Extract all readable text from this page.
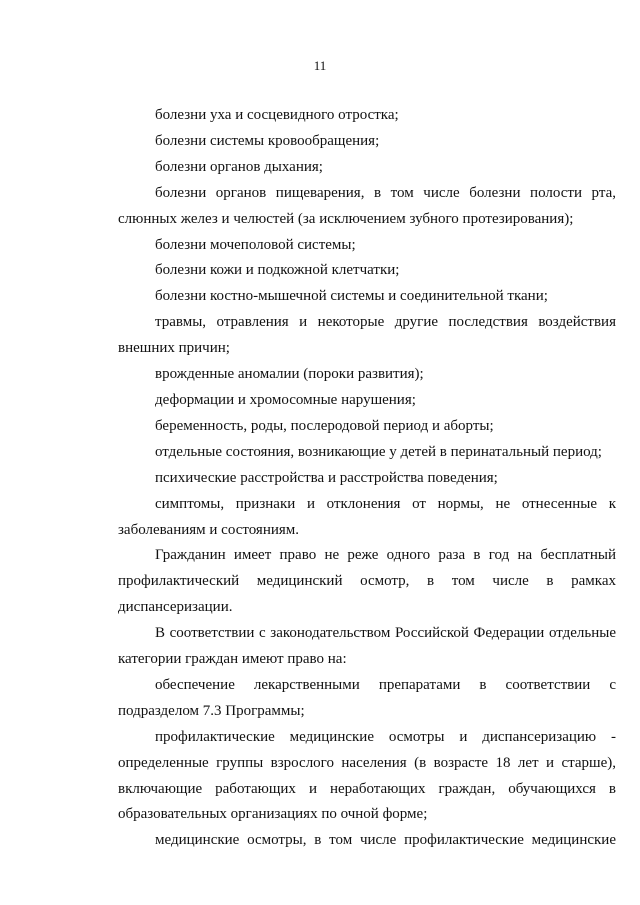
11

болезни уха и сосцевидного отростка;

болезни системы кровообращения;

болезни органов дыхания;

болезни органов пищеварения, в том числе болезни полости рта, слюнных желез и челюстей (за исключением зубного протезирования);

болезни мочеполовой системы;

болезни кожи и подкожной клетчатки;

болезни костно-мышечной системы и соединительной ткани;

травмы, отравления и некоторые другие последствия воздействия внешних причин;

врожденные аномалии (пороки развития);

деформации и хромосомные нарушения;

беременность, роды, послеродовой период и аборты;

отдельные состояния, возникающие у детей в перинатальный период;

психические расстройства и расстройства поведения;

симптомы, признаки и отклонения от нормы, не отнесенные к заболеваниям и состояниям.

Гражданин имеет право не реже одного раза в год на бесплатный профилактический медицинский осмотр, в том числе в рамках диспансеризации.

В соответствии с законодательством Российской Федерации отдельные категории граждан имеют право на:

обеспечение лекарственными препаратами в соответствии с подразделом 7.3 Программы;

профилактические медицинские осмотры и диспансеризацию - определенные группы взрослого населения (в возрасте 18 лет и старше), включающие работающих и неработающих граждан, обучающихся в образовательных организациях по очной форме;

медицинские осмотры, в том числе профилактические медицинские
